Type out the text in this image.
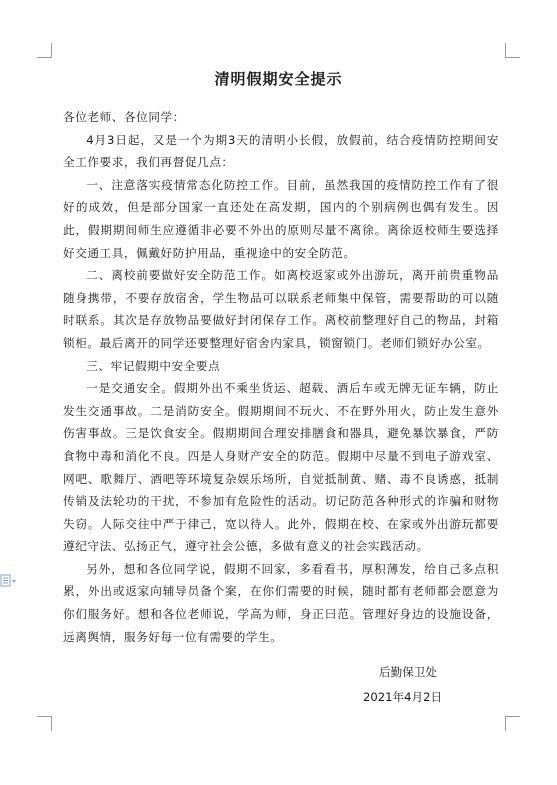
清明假期安全提示

各位老师、各位同学：

4月3日起，又是一个为期3天的清明小长假，放假前，结合疫情防控期间安全工作要求，我们再督促几点：

一、注意落实疫情常态化防控工作。目前，虽然我国的疫情防控工作有了很好的成效，但是部分国家一直还处在高发期，国内的个别病例也偶有发生。因此，假期期间师生应遵循非必要不外出的原则尽量不离徐。离徐返校师生要选择好交通工具，佩戴好防护用品，重视途中的安全防范。

二、离校前要做好安全防范工作。如离校返家或外出游玩，离开前贵重物品随身携带，不要存放宿舍，学生物品可以联系老师集中保管，需要帮助的可以随时联系。其次是存放物品要做好封闭保存工作。离校前整理好自己的物品，封箱锁柜。最后离开的同学还要整理好宿舍内家具，锁窗锁门。老师们锁好办公室。

三、牢记假期中安全要点

一是交通安全。假期外出不乘坐货运、超载、酒后车或无牌无证车辆，防止发生交通事故。二是消防安全。假期期间不玩火、不在野外用火，防止发生意外伤害事故。三是饮食安全。假期期间合理安排膳食和器具，避免暴饮暴食，严防食物中毒和消化不良。四是人身财产安全的防范。假期中尽量不到电子游戏室、网吧、歌舞厅、酒吧等环境复杂娱乐场所，自觉抵制黄、赌、毒不良诱惑，抵制传销及法轮功的干扰，不参加有危险性的活动。切记防范各种形式的诈骗和财物失窃。人际交往中严于律己，宽以待人。此外，假期在校、在家或外出游玩都要遵纪守法、弘扬正气，遵守社会公德，多做有意义的社会实践活动。

另外，想和各位同学说，假期不回家，多看看书，厚积薄发，给自己多点积累，外出或返家向辅导员备个案，在你们需要的时候，随时都有老师都会愿意为你们服务好。想和各位老师说，学高为师，身正曰范。管理好身边的设施设备，远离舆情，服务好每一位有需要的学生。

后勤保卫处
2021年4月2日
